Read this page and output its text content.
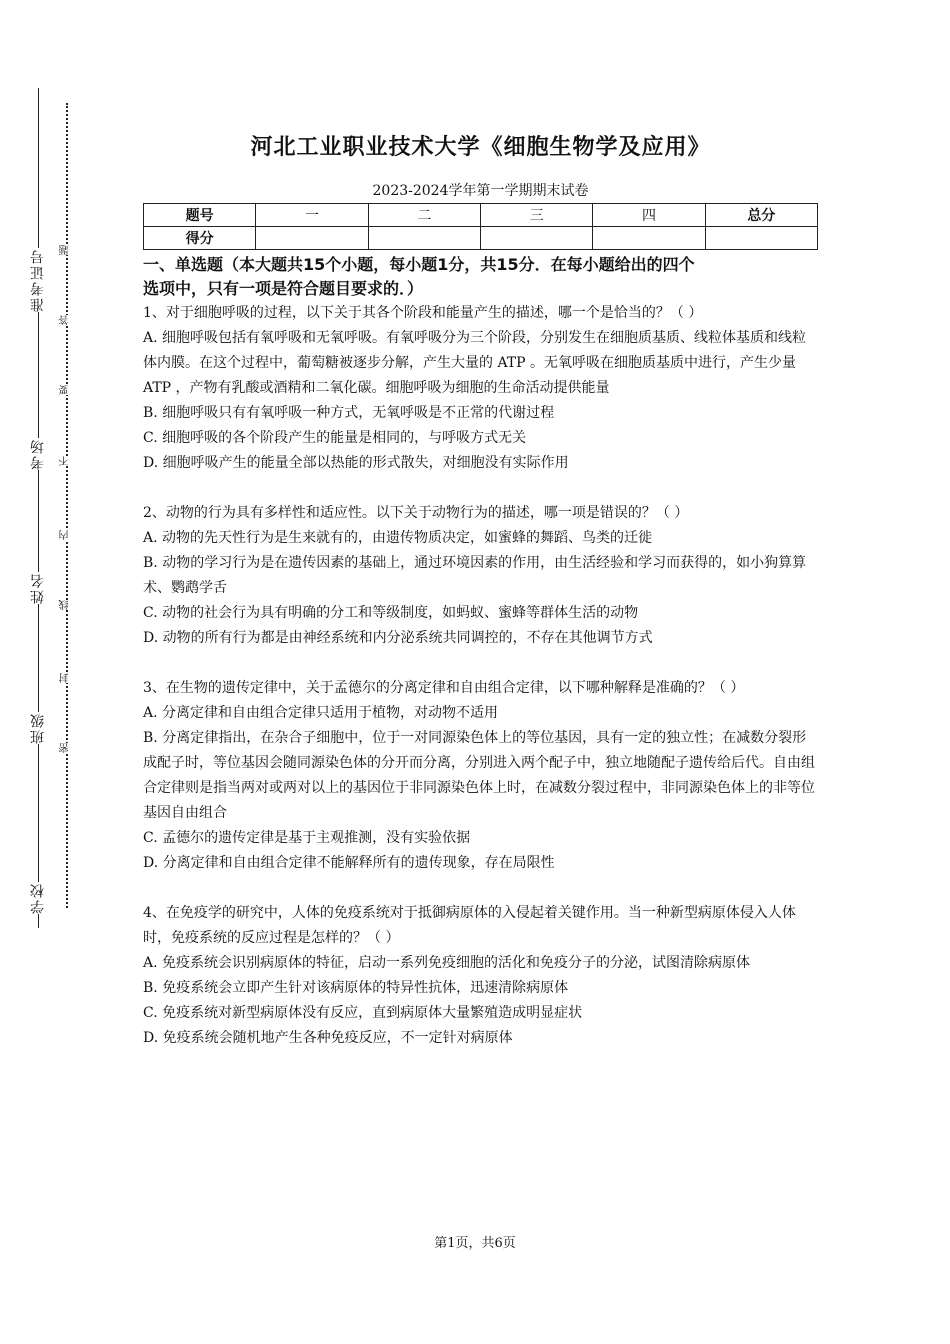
准考证号
考场
姓名
班级
学校
题
答
要
不
内
线
封
密
河北工业职业技术大学《细胞生物学及应用》
2023-2024学年第一学期期末试卷
题号	一	二	三	四	总分
得分					
一、单选题（本大题共15个小题，每小题1分，共15分．在每小题给出的四个
选项中，只有一项是符合题目要求的．）

1、对于细胞呼吸的过程，以下关于其各个阶段和能量产生的描述，哪一个是恰当的？（ ）

A. 细胞呼吸包括有氧呼吸和无氧呼吸。有氧呼吸分为三个阶段，分别发生在细胞质基质、线粒体基质和线粒体内膜。在这个过程中，葡萄糖被逐步分解，产生大量的 ATP 。无氧呼吸在细胞质基质中进行，产生少量 ATP ，产物有乳酸或酒精和二氧化碳。细胞呼吸为细胞的生命活动提供能量

B. 细胞呼吸只有有氧呼吸一种方式，无氧呼吸是不正常的代谢过程

C. 细胞呼吸的各个阶段产生的能量是相同的，与呼吸方式无关

D. 细胞呼吸产生的能量全部以热能的形式散失，对细胞没有实际作用

2、动物的行为具有多样性和适应性。以下关于动物行为的描述，哪一项是错误的？（ ）

A. 动物的先天性行为是生来就有的，由遗传物质决定，如蜜蜂的舞蹈、鸟类的迁徙

B. 动物的学习行为是在遗传因素的基础上，通过环境因素的作用，由生活经验和学习而获得的，如小狗算算术、鹦鹉学舌

C. 动物的社会行为具有明确的分工和等级制度，如蚂蚁、蜜蜂等群体生活的动物

D. 动物的所有行为都是由神经系统和内分泌系统共同调控的，不存在其他调节方式

3、在生物的遗传定律中，关于孟德尔的分离定律和自由组合定律，以下哪种解释是准确的？（ ）

A. 分离定律和自由组合定律只适用于植物，对动物不适用

B. 分离定律指出，在杂合子细胞中，位于一对同源染色体上的等位基因，具有一定的独立性；在减数分裂形成配子时，等位基因会随同源染色体的分开而分离，分别进入两个配子中，独立地随配子遗传给后代。自由组合定律则是指当两对或两对以上的基因位于非同源染色体上时，在减数分裂过程中，非同源染色体上的非等位基因自由组合

C. 孟德尔的遗传定律是基于主观推测，没有实验依据

D. 分离定律和自由组合定律不能解释所有的遗传现象，存在局限性

4、在免疫学的研究中，人体的免疫系统对于抵御病原体的入侵起着关键作用。当一种新型病原体侵入人体时，免疫系统的反应过程是怎样的？（ ）

A. 免疫系统会识别病原体的特征，启动一系列免疫细胞的活化和免疫分子的分泌，试图清除病原体

B. 免疫系统会立即产生针对该病原体的特异性抗体，迅速清除病原体

C. 免疫系统对新型病原体没有反应，直到病原体大量繁殖造成明显症状

D. 免疫系统会随机地产生各种免疫反应，不一定针对病原体

第1页，共6页
